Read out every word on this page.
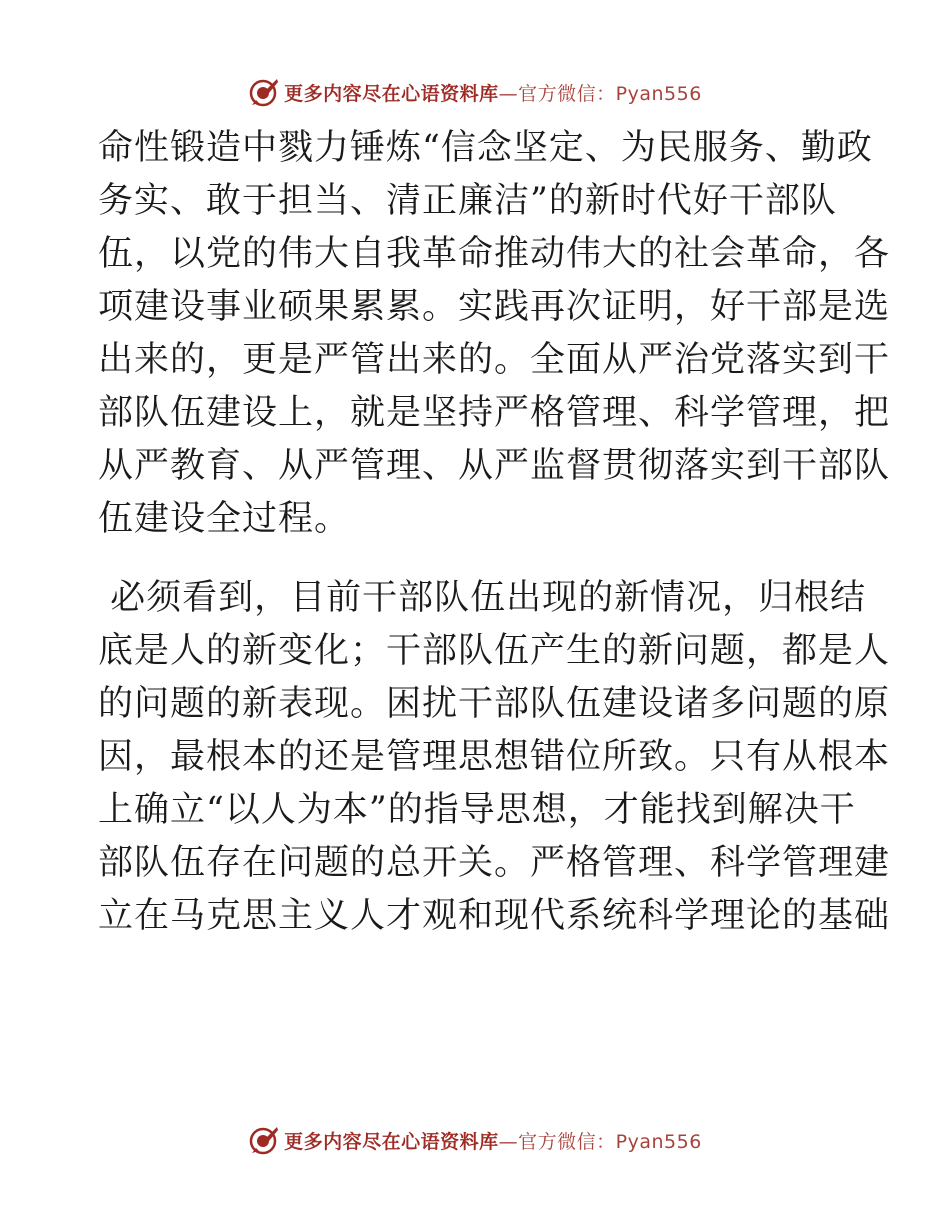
更多内容尽在心语资料库—官方微信：Pyan556
命性锻造中戮力锤炼“信念坚定、为民服务、勤政
务实、敢于担当、清正廉洁”的新时代好干部队
伍，以党的伟大自我革命推动伟大的社会革命，各
项建设事业硕果累累。实践再次证明，好干部是选
出来的，更是严管出来的。全面从严治党落实到干
部队伍建设上，就是坚持严格管理、科学管理，把
从严教育、从严管理、从严监督贯彻落实到干部队
伍建设全过程。
必须看到，目前干部队伍出现的新情况，归根结
底是人的新变化；干部队伍产生的新问题，都是人
的问题的新表现。困扰干部队伍建设诸多问题的原
因，最根本的还是管理思想错位所致。只有从根本
上确立“以人为本”的指导思想，才能找到解决干
部队伍存在问题的总开关。严格管理、科学管理建
立在马克思主义人才观和现代系统科学理论的基础
更多内容尽在心语资料库—官方微信：Pyan556
